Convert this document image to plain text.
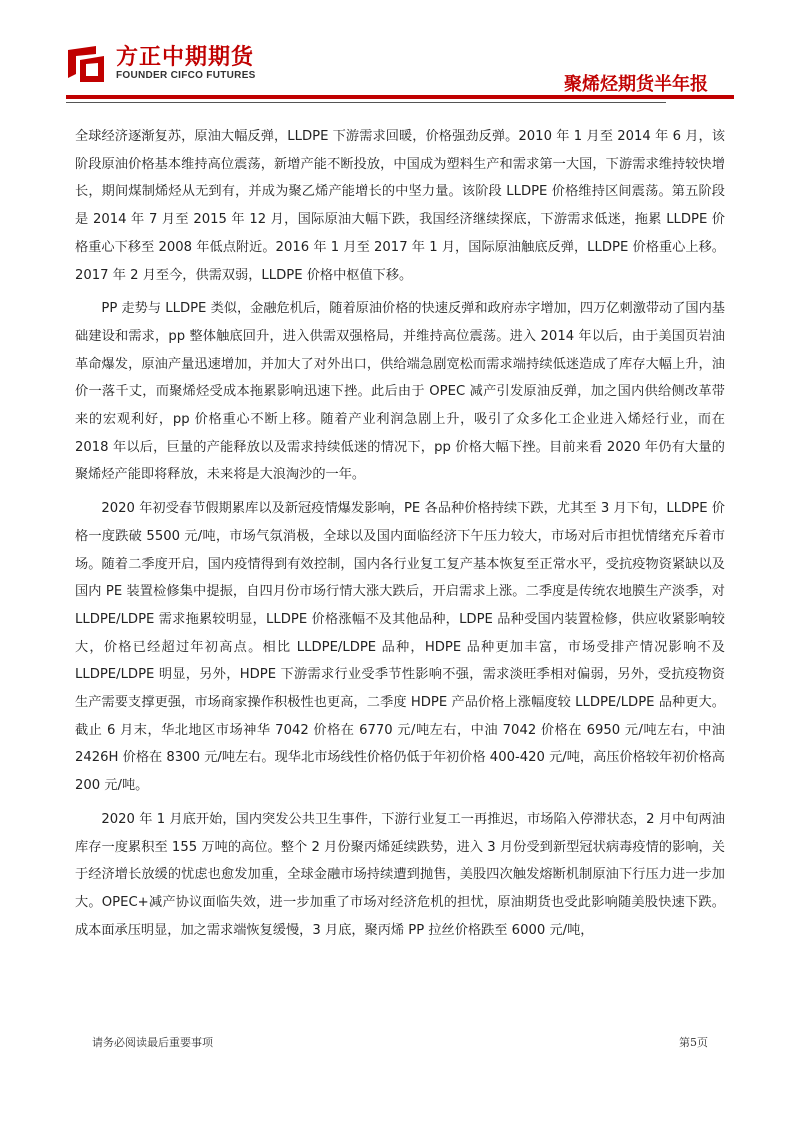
方正中期期货
FOUNDER CIFCO FUTURES	聚烯烃期货半年报

全球经济逐渐复苏，原油大幅反弹，LLDPE 下游需求回暖，价格强劲反弹。2010 年 1 月至 2014 年 6 月，该阶段原油价格基本维持高位震荡，新增产能不断投放，中国成为塑料生产和需求第一大国，下游需求维持较快增长，期间煤制烯烃从无到有，并成为聚乙烯产能增长的中坚力量。该阶段 LLDPE 价格维持区间震荡。第五阶段是 2014 年 7 月至 2015 年 12 月，国际原油大幅下跌，我国经济继续探底，下游需求低迷，拖累 LLDPE 价格重心下移至 2008 年低点附近。2016 年 1 月至 2017 年 1 月，国际原油触底反弹，LLDPE 价格重心上移。2017 年 2 月至今，供需双弱，LLDPE 价格中枢值下移。

PP 走势与 LLDPE 类似，金融危机后，随着原油价格的快速反弹和政府赤字增加，四万亿刺激带动了国内基础建设和需求，pp 整体触底回升，进入供需双强格局，并维持高位震荡。进入 2014 年以后，由于美国页岩油革命爆发，原油产量迅速增加，并加大了对外出口，供给端急剧宽松而需求端持续低迷造成了库存大幅上升，油价一落千丈，而聚烯烃受成本拖累影响迅速下挫。此后由于 OPEC 减产引发原油反弹，加之国内供给侧改革带来的宏观利好，pp 价格重心不断上移。随着产业利润急剧上升，吸引了众多化工企业进入烯烃行业，而在 2018 年以后，巨量的产能释放以及需求持续低迷的情况下，pp 价格大幅下挫。目前来看 2020 年仍有大量的聚烯烃产能即将释放，未来将是大浪淘沙的一年。

2020 年初受春节假期累库以及新冠疫情爆发影响，PE 各品种价格持续下跌，尤其至 3 月下旬，LLDPE 价格一度跌破 5500 元/吨，市场气氛消极，全球以及国内面临经济下午压力较大，市场对后市担忧情绪充斥着市场。随着二季度开启，国内疫情得到有效控制，国内各行业复工复产基本恢复至正常水平，受抗疫物资紧缺以及国内 PE 装置检修集中提振，自四月份市场行情大涨大跌后，开启需求上涨。二季度是传统农地膜生产淡季，对 LLDPE/LDPE 需求拖累较明显，LLDPE 价格涨幅不及其他品种，LDPE 品种受国内装置检修，供应收紧影响较大，价格已经超过年初高点。相比 LLDPE/LDPE 品种，HDPE 品种更加丰富，市场受排产情况影响不及 LLDPE/LDPE 明显，另外，HDPE 下游需求行业受季节性影响不强，需求淡旺季相对偏弱，另外，受抗疫物资生产需要支撑更强，市场商家操作积极性也更高，二季度 HDPE 产品价格上涨幅度较 LLDPE/LDPE 品种更大。截止 6 月末，华北地区市场神华 7042 价格在 6770 元/吨左右，中油 7042 价格在 6950 元/吨左右，中油 2426H 价格在 8300 元/吨左右。现华北市场线性价格仍低于年初价格 400-420 元/吨，高压价格较年初价格高 200 元/吨。

2020 年 1 月底开始，国内突发公共卫生事件，下游行业复工一再推迟，市场陷入停滞状态，2 月中旬两油库存一度累积至 155 万吨的高位。整个 2 月份聚丙烯延续跌势，进入 3 月份受到新型冠状病毒疫情的影响，关于经济增长放缓的忧虑也愈发加重，全球金融市场持续遭到抛售，美股四次触发熔断机制原油下行压力进一步加大。OPEC+减产协议面临失效，进一步加重了市场对经济危机的担忧，原油期货也受此影响随美股快速下跌。成本面承压明显，加之需求端恢复缓慢，3 月底，聚丙烯 PP 拉丝价格跌至 6000 元/吨，

请务必阅读最后重要事项	第5页
